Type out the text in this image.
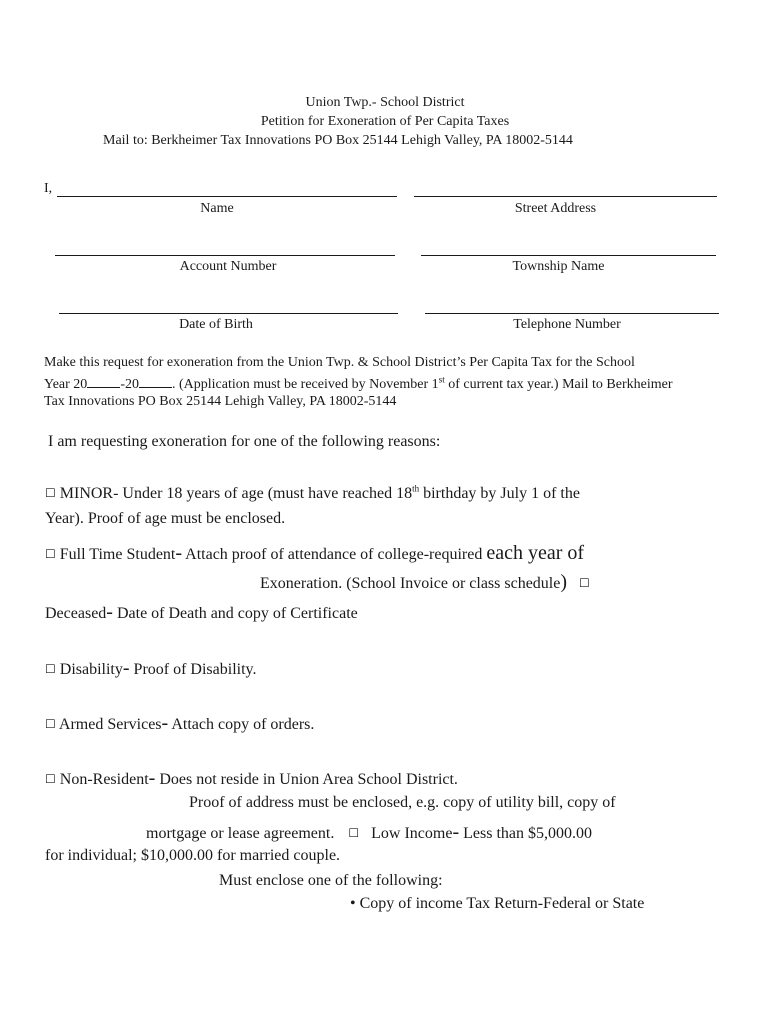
Union Twp.- School District
Petition for Exoneration of Per Capita Taxes
Mail to: Berkheimer Tax Innovations PO Box 25144 Lehigh Valley, PA 18002-5144
I,
Name	Street Address
Account Number	Township Name
Date of Birth	Telephone Number
Make this request for exoneration from the Union Twp. & School District’s Per Capita Tax for the School
Year 20 -20 . (Application must be received by November 1st of current tax year.) Mail to Berkheimer
Tax Innovations PO Box 25144 Lehigh Valley, PA 18002-5144
I am requesting exoneration for one of the following reasons:
☐ MINOR- Under 18 years of age (must have reached 18th birthday by July 1 of the
Year). Proof of age must be enclosed.
☐ Full Time Student- Attach proof of attendance of college-required each year of
Exoneration. (School Invoice or class schedule) ☐
Deceased- Date of Death and copy of Certificate
☐ Disability- Proof of Disability.
☐ Armed Services- Attach copy of orders.
☐ Non-Resident- Does not reside in Union Area School District.
Proof of address must be enclosed, e.g. copy of utility bill, copy of
mortgage or lease agreement. ☐ Low Income- Less than $5,000.00
for individual; $10,000.00 for married couple.
Must enclose one of the following:
• Copy of income Tax Return-Federal or State
